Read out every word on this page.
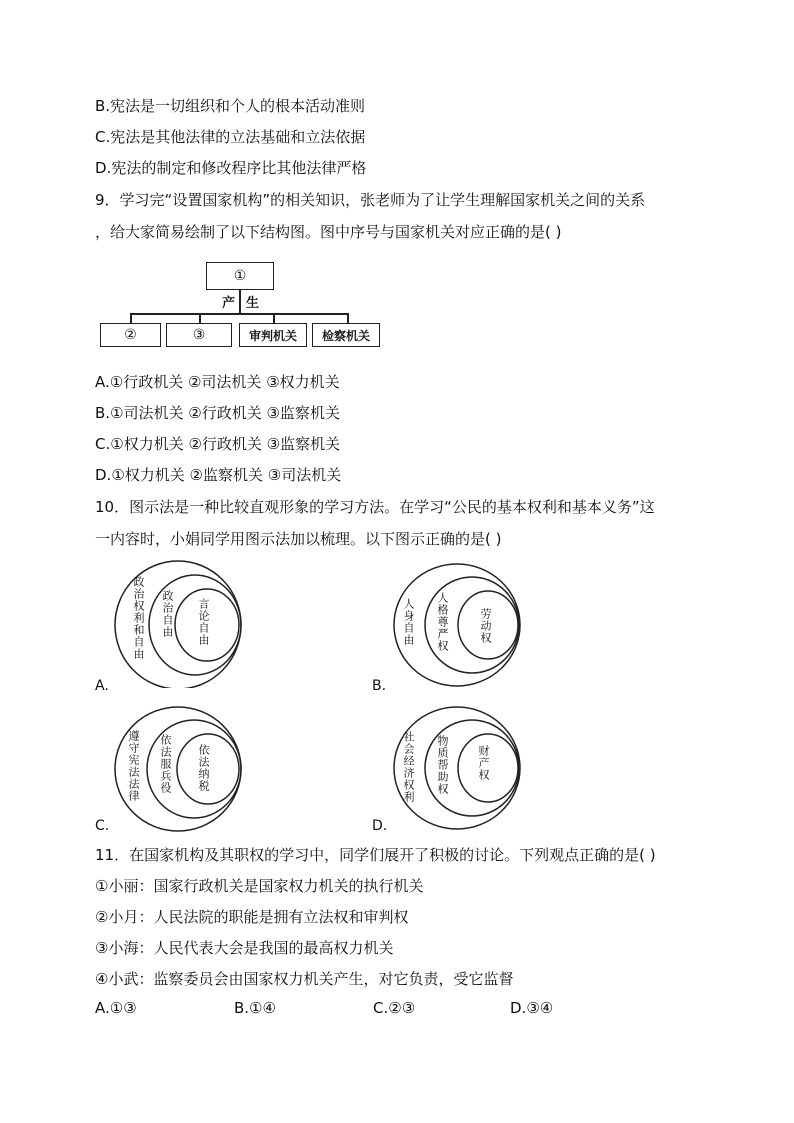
B.宪法是一切组织和个人的根本活动准则
C.宪法是其他法律的立法基础和立法依据
D.宪法的制定和修改程序比其他法律严格
9．学习完“设置国家机构”的相关知识，张老师为了让学生理解国家机关之间的关系
，给大家简易绘制了以下结构图。图中序号与国家机关对应正确的是( )
①
产 生
②	③	审判机关	检察机关
A.①行政机关 ②司法机关 ③权力机关
B.①司法机关 ②行政机关 ③监察机关
C.①权力机关 ②行政机关 ③监察机关
D.①权力机关 ②监察机关 ③司法机关
10．图示法是一种比较直观形象的学习方法。在学习“公民的基本权利和基本义务”这
一内容时，小娟同学用图示法加以梳理。以下图示正确的是( )
政治权利和自由 政治自由 言论自由
A.
人身自由 人格尊严权	劳动权
B.
遵守宪法法律 依法服兵役 依法纳税
C.
社会经济权利 物质帮助权	财产权
D.
11．在国家机构及其职权的学习中，同学们展开了积极的讨论。下列观点正确的是( )
①小丽：国家行政机关是国家权力机关的执行机关
②小月：人民法院的职能是拥有立法权和审判权
③小海：人民代表大会是我国的最高权力机关
④小武：监察委员会由国家权力机关产生，对它负责，受它监督
A.①③	B.①④	C.②③	D.③④
